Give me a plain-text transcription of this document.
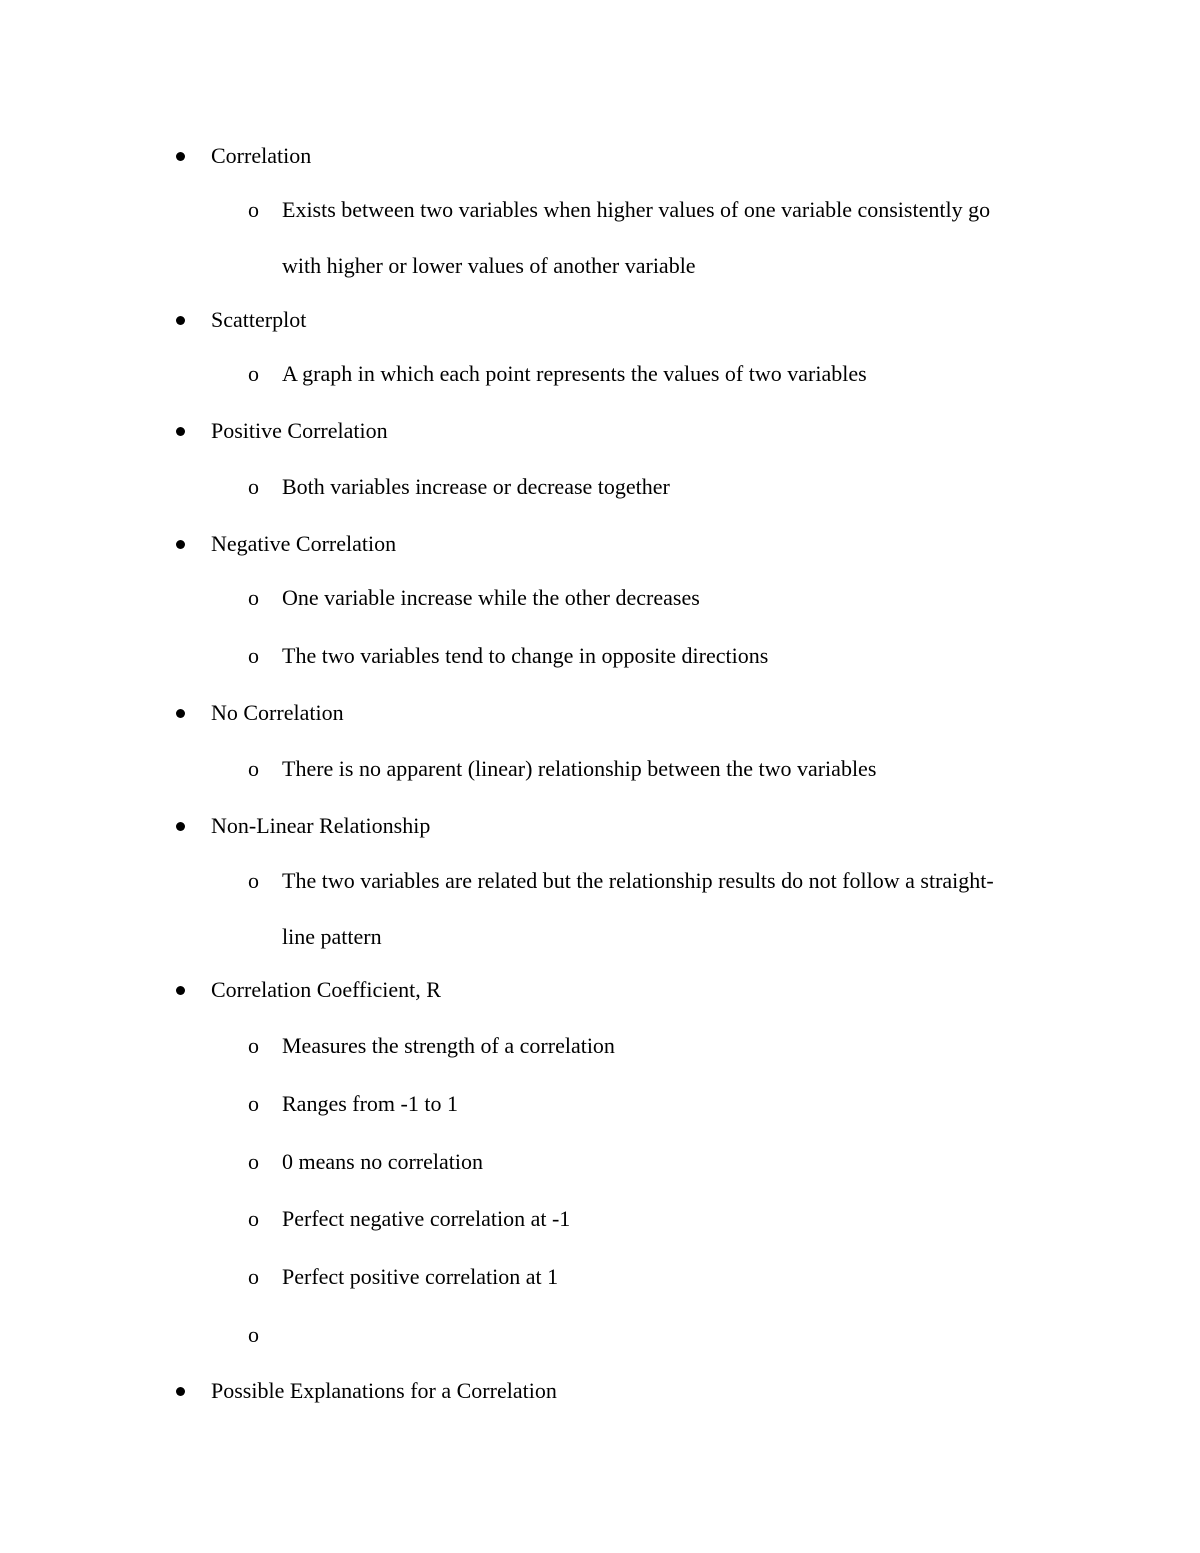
Correlation
o Exists between two variables when higher values of one variable consistently go
with higher or lower values of another variable
Scatterplot
o A graph in which each point represents the values of two variables
Positive Correlation
o Both variables increase or decrease together
Negative Correlation
o One variable increase while the other decreases
o The two variables tend to change in opposite directions
No Correlation
o There is no apparent (linear) relationship between the two variables
Non-Linear Relationship
o The two variables are related but the relationship results do not follow a straight-
line pattern
Correlation Coefficient, R
o Measures the strength of a correlation
o Ranges from -1 to 1
o 0 means no correlation
o Perfect negative correlation at -1
o Perfect positive correlation at 1
o
Possible Explanations for a Correlation
